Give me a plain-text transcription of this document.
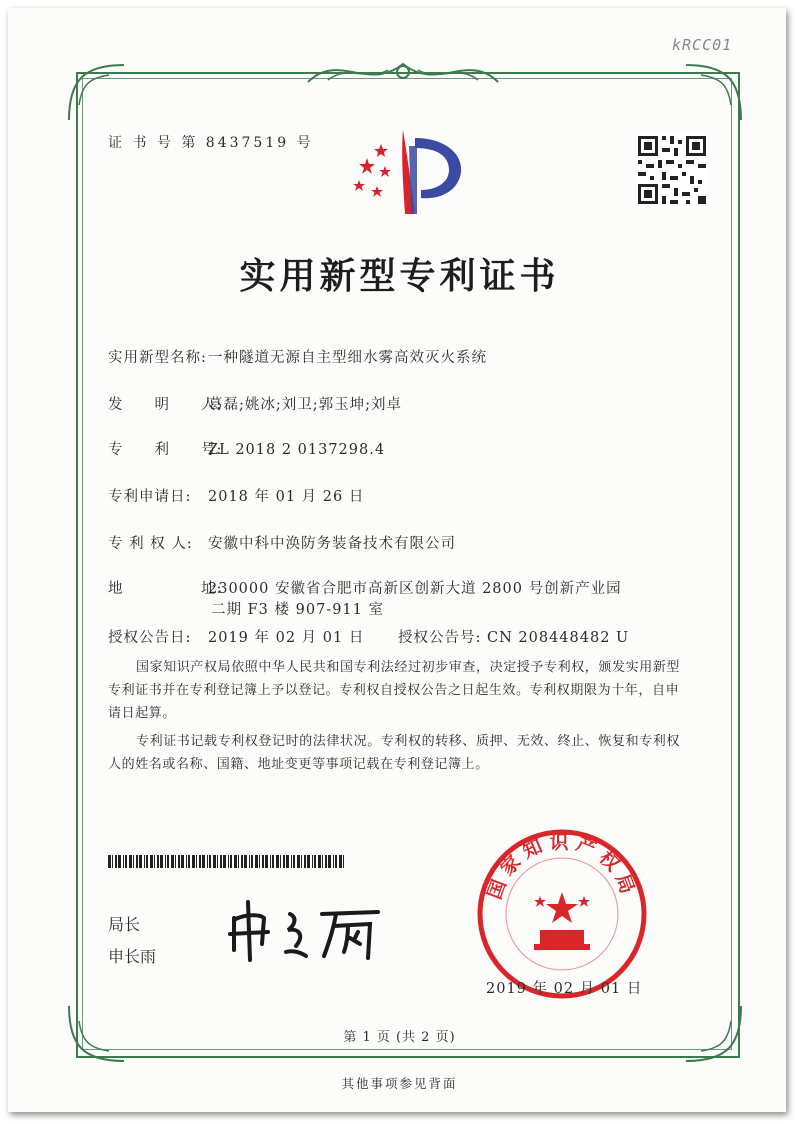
kRCC01
证 书 号 第 8437519 号
实用新型专利证书
实用新型名称:一种隧道无源自主型细水雾高效灭火系统
发　　明　　人:葛磊;姚冰;刘卫;郭玉坤;刘卓
专　　利　　号:ZL 2018 2 0137298.4
专利申请日: 2018 年 01 月 26 日
专 利 权 人: 安徽中科中涣防务装备技术有限公司
地　　　　　址:230000 安徽省合肥市高新区创新大道 2800 号创新产业园
二期 F3 楼 907-911 室
授权公告日: 2019 年 02 月 01 日 授权公告号: CN 208448482 U
国家知识产权局依照中华人民共和国专利法经过初步审查，决定授予专利权，颁发实用新型专利证书并在专利登记簿上予以登记。专利权自授权公告之日起生效。专利权期限为十年，自申请日起算。
专利证书记载专利权登记时的法律状况。专利权的转移、质押、无效、终止、恢复和专利权人的姓名或名称、国籍、地址变更等事项记载在专利登记簿上。
局长
申长雨
国家知识产权局
2019 年 02 月 01 日
第 1 页 (共 2 页)
其他事项参见背面
